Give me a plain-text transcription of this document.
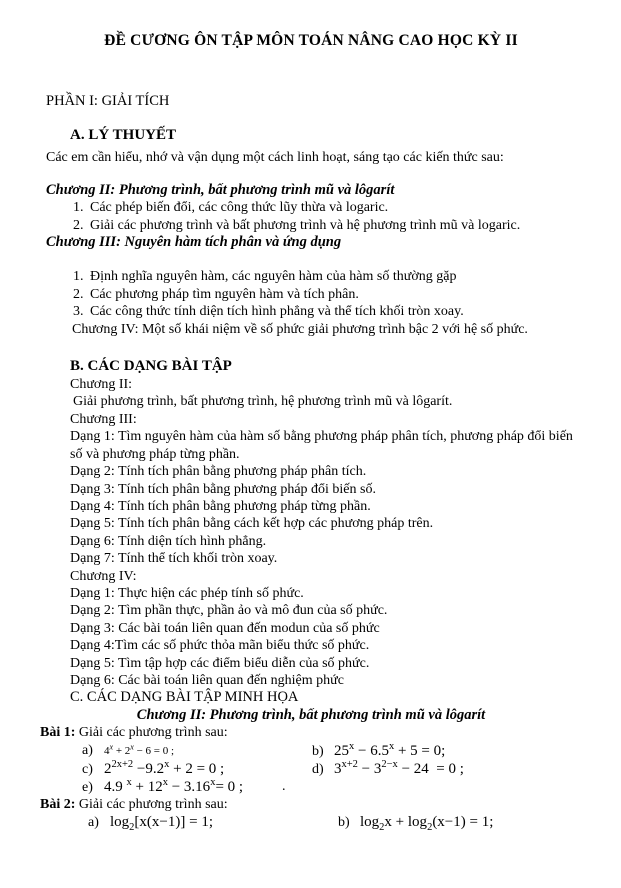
ĐỀ CƯƠNG ÔN TẬP MÔN TOÁN NÂNG CAO HỌC KỲ II
PHẦN I: GIẢI TÍCH
A. LÝ THUYẾT
Các em cần hiểu, nhớ và vận dụng một cách linh hoạt, sáng tạo các kiến thức sau:
Chương II: Phương trình, bất phương trình mũ và lôgarít
1. Các phép biến đổi, các công thức lũy thừa và logaric.
2. Giải các phương trình và bất phương trình và hệ phương trình mũ và logaric.
Chương III: Nguyên hàm tích phân và ứng dụng
1. Định nghĩa nguyên hàm, các nguyên hàm của hàm số thường gặp
2. Các phương pháp tìm nguyên hàm và tích phân.
3. Các công thức tính diện tích hình phẳng và thể tích khối tròn xoay.
Chương IV: Một số khái niệm về số phức giải phương trình bậc 2 với hệ số phức.
B. CÁC DẠNG BÀI TẬP
Chương II:
Giải phương trình, bất phương trình, hệ phương trình mũ và lôgarít.
Chương III:
Dạng 1: Tìm nguyên hàm của hàm số bằng phương pháp phân tích, phương pháp đổi biến số và phương pháp từng phần.
Dạng 2: Tính tích phân bằng phương pháp phân tích.
Dạng 3: Tính tích phân bằng phương pháp đổi biến số.
Dạng 4: Tính tích phân bằng phương pháp từng phần.
Dạng 5: Tính tích phân bằng cách kết hợp các phương pháp trên.
Dạng 6: Tính diện tích hình phẳng.
Dạng 7: Tính thể tích khối tròn xoay.
Chương IV:
Dạng 1: Thực hiện các phép tính số phức.
Dạng 2: Tìm phần thực, phần ảo và mô đun của số phức.
Dạng 3: Các bài toán liên quan đến modun của số phức
Dạng 4:Tìm các số phức thỏa mãn biểu thức số phức.
Dạng 5: Tìm tập hợp các điểm biểu diễn của số phức.
Dạng 6: Các bài toán liên quan đến nghiệm phức
C. CÁC DẠNG BÀI TẬP MINH HỌA
Chương II: Phương trình, bất phương trình mũ và lôgarít
Bài 1: Giải các phương trình sau:
a) $4^x + 2^x - 6 = 0$ ;	b) $25^x - 6.5^x + 5 = 0$;
c) $2^{2x+2} -9.2^x + 2 = 0$ ;	d) $3^{x+2} - 3^{2-x} - 24 = 0$ ;
e) 4.9 $^x + 12^x - 3.16^x= 0$ ;	.
Bài 2: Giải các phương trình sau:
a) $\log_2[x(x-1)] = 1$;	b) $\log_2x + \log_2(x-1) = 1$;
